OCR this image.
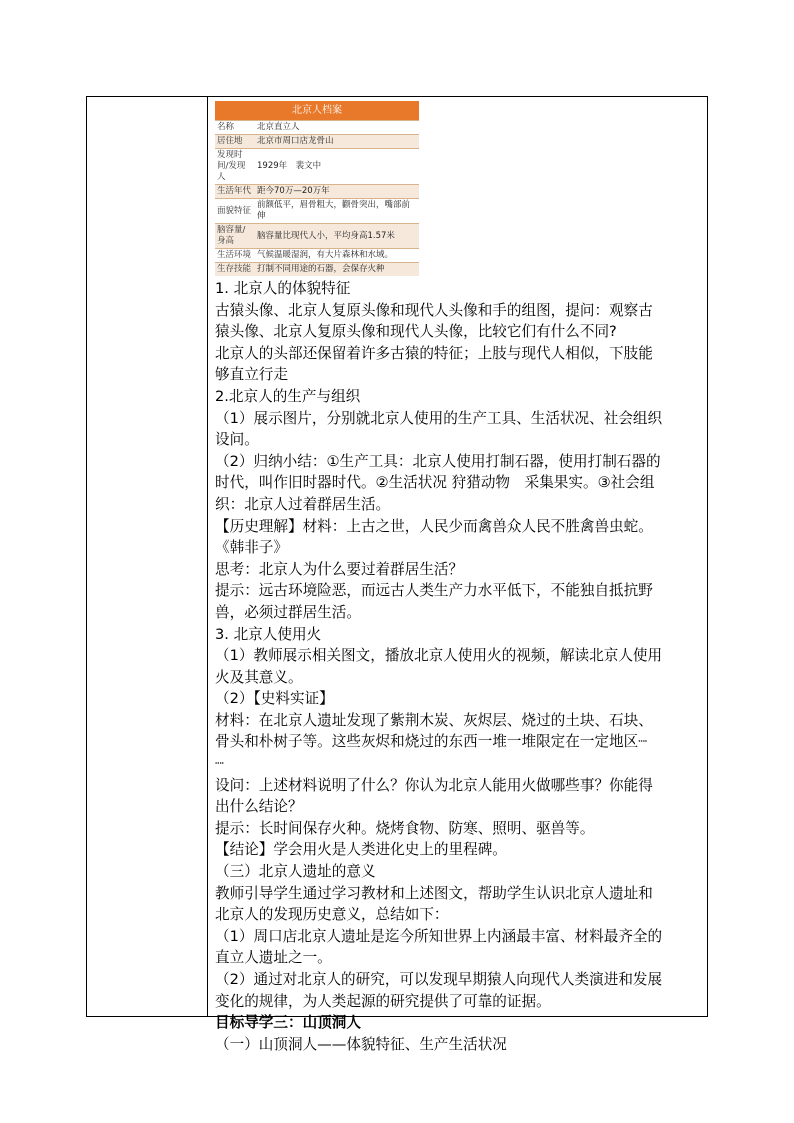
北京人档案
名称	北京直立人
居住地	北京市周口店龙骨山
发现时间/发现人	1929年　裴文中
生活年代	距今70万—20万年
面貌特征	前额低平，眉骨粗大，颧骨突出，嘴部前伸
脑容量/身高	脑容量比现代人小，平均身高1.57米
生活环境	气候温暖湿润，有大片森林和水域。
生存技能	打制不同用途的石器，会保存火种
1. 北京人的体貌特征
古猿头像、北京人复原头像和现代人头像和手的组图，提问：观察古
猿头像、北京人复原头像和现代人头像，比较它们有什么不同?
北京人的头部还保留着许多古猿的特征；上肢与现代人相似，下肢能
够直立行走
2.北京人的生产与组织
（1）展示图片，分别就北京人使用的生产工具、生活状况、社会组织
设问。
（2）归纳小结：①生产工具：北京人使用打制石器，使用打制石器的
时代，叫作旧时器时代。②生活状况 狩猎动物　采集果实。③社会组
织：北京人过着群居生活。
【历史理解】材料：上古之世，人民少而禽兽众人民不胜禽兽虫蛇。
《韩非子》
思考：北京人为什么要过着群居生活？
提示：远古环境险恶，而远古人类生产力水平低下，不能独自抵抗野
兽，必须过群居生活。
3. 北京人使用火
（1）教师展示相关图文，播放北京人使用火的视频，解读北京人使用
火及其意义。
（2）【史料实证】
材料：在北京人遗址发现了紫荆木炭、灰烬层、烧过的土块、石块、
骨头和朴树子等。这些灰烬和烧过的东西一堆一堆限定在一定地区┈
┈
设问：上述材料说明了什么？你认为北京人能用火做哪些事？你能得
出什么结论？
提示：长时间保存火种。烧烤食物、防寒、照明、驱兽等。
【结论】学会用火是人类进化史上的里程碑。
（三）北京人遗址的意义
教师引导学生通过学习教材和上述图文，帮助学生认识北京人遗址和
北京人的发现历史意义，总结如下：
（1）周口店北京人遗址是迄今所知世界上内涵最丰富、材料最齐全的
直立人遗址之一。
（2）通过对北京人的研究，可以发现早期猿人向现代人类演进和发展
变化的规律，为人类起源的研究提供了可靠的证据。
目标导学三：山顶洞人
（一）山顶洞人——体貌特征、生产生活状况
